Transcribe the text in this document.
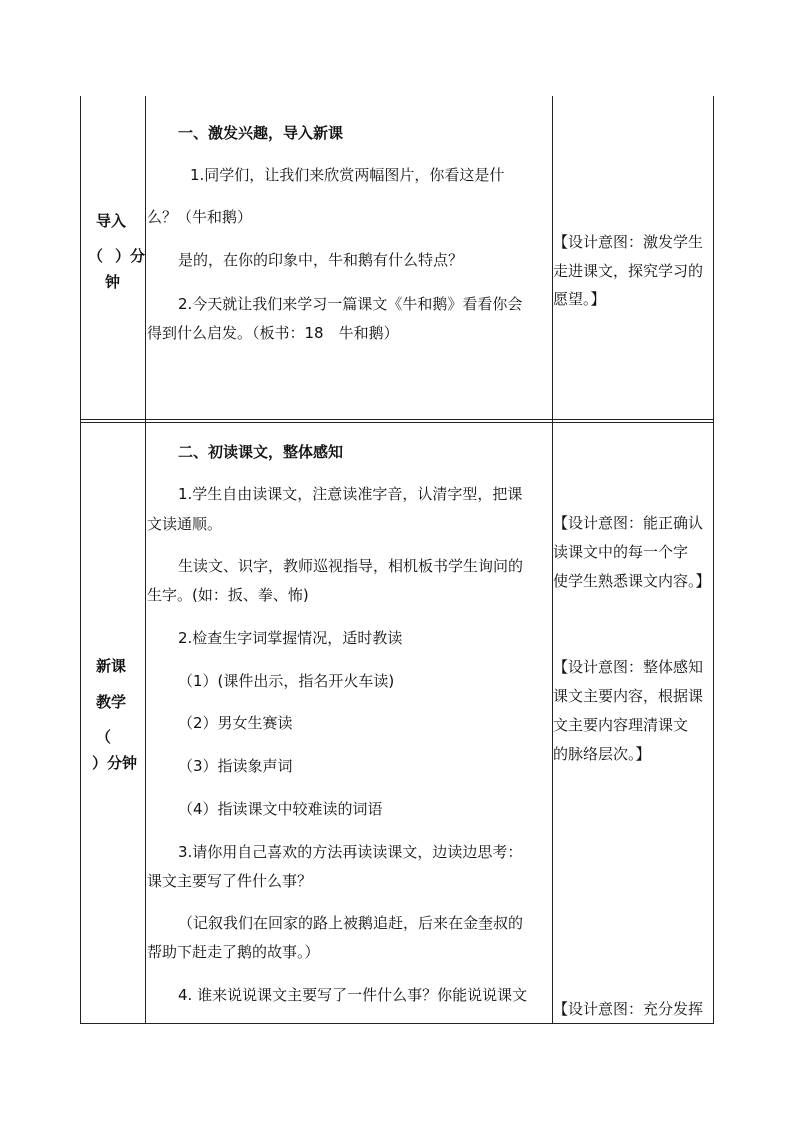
导入
（ ）分
钟
一、激发兴趣，导入新课
1.同学们，让我们来欣赏两幅图片，你看这是什
么？（牛和鹅）
是的，在你的印象中，牛和鹅有什么特点？
2.今天就让我们来学习一篇课文《牛和鹅》看看你会
得到什么启发。（板书：18　牛和鹅）
【设计意图：激发学生
走进课文，探究学习的
愿望。】
新课
教学
（
）分钟
二、初读课文，整体感知
1.学生自由读课文，注意读准字音，认清字型，把课
文读通顺。
生读文、识字，教师巡视指导，相机板书学生询问的
生字。(如：扳、拳、怖)
2.检查生字词掌握情况，适时教读
（1）(课件出示，指名开火车读)
（2）男女生赛读
（3）指读象声词
（4）指读课文中较难读的词语
3.请你用自己喜欢的方法再读读课文，边读边思考：
课文主要写了件什么事？
（记叙我们在回家的路上被鹅追赶，后来在金奎叔的
帮助下赶走了鹅的故事。）
4. 谁来说说课文主要写了一件什么事？你能说说课文
【设计意图：能正确认
读课文中的每一个字
使学生熟悉课文内容。】
【设计意图：整体感知
课文主要内容，根据课
文主要内容理清课文
的脉络层次。】
【设计意图：充分发挥
